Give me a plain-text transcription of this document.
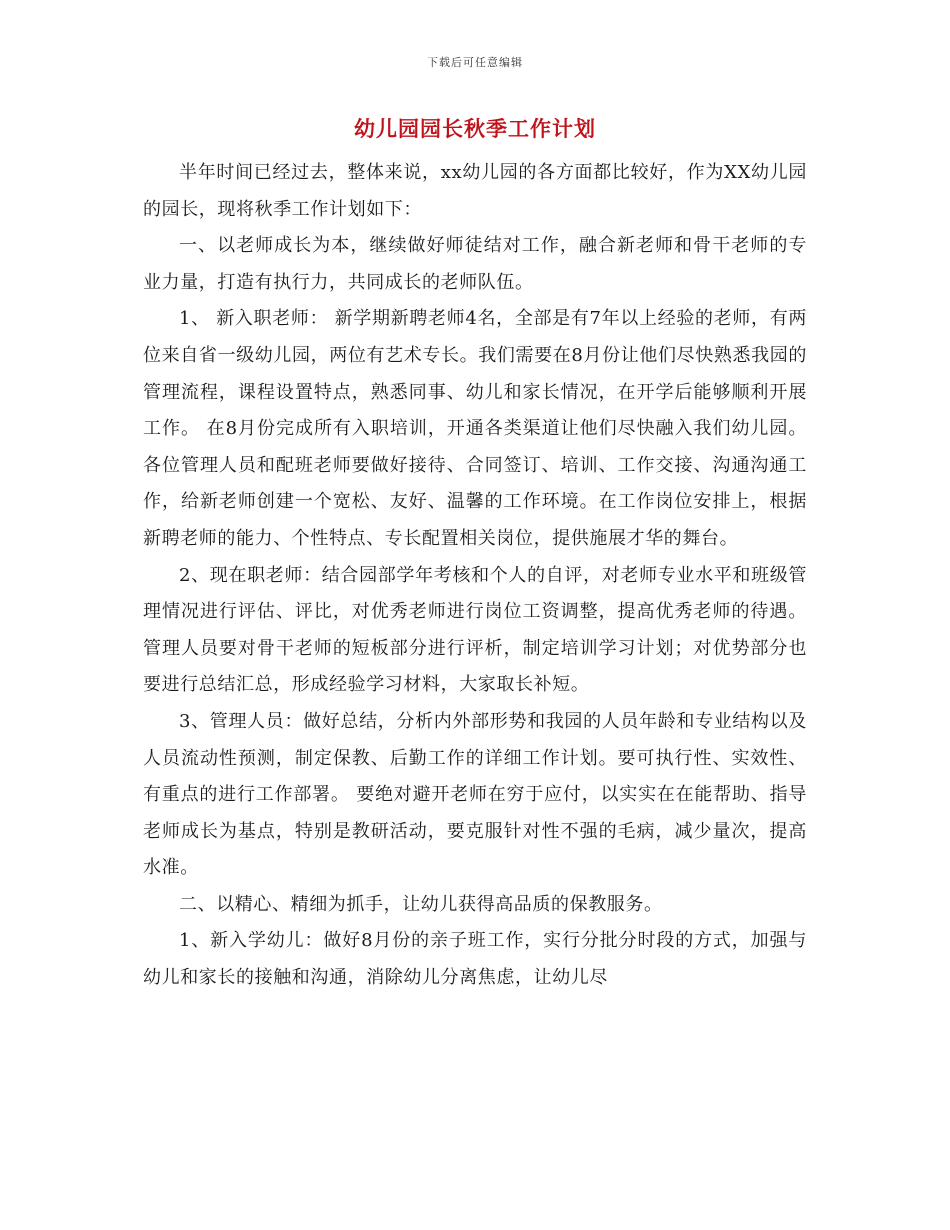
下载后可任意编辑
幼儿园园长秋季工作计划

半年时间已经过去，整体来说，xx幼儿园的各方面都比较好，作为XX幼儿园的园长，现将秋季工作计划如下：

一、以老师成长为本，继续做好师徒结对工作，融合新老师和骨干老师的专业力量，打造有执行力，共同成长的老师队伍。

1、 新入职老师： 新学期新聘老师4名，全部是有7年以上经验的老师，有两位来自省一级幼儿园，两位有艺术专长。我们需要在8月份让他们尽快熟悉我园的管理流程，课程设置特点，熟悉同事、幼儿和家长情况，在开学后能够顺利开展工作。 在8月份完成所有入职培训，开通各类渠道让他们尽快融入我们幼儿园。各位管理人员和配班老师要做好接待、合同签订、培训、工作交接、沟通沟通工作，给新老师创建一个宽松、友好、温馨的工作环境。在工作岗位安排上，根据新聘老师的能力、个性特点、专长配置相关岗位，提供施展才华的舞台。

2、现在职老师：结合园部学年考核和个人的自评，对老师专业水平和班级管理情况进行评估、评比，对优秀老师进行岗位工资调整，提高优秀老师的待遇。管理人员要对骨干老师的短板部分进行评析，制定培训学习计划；对优势部分也要进行总结汇总，形成经验学习材料，大家取长补短。

3、管理人员：做好总结，分析内外部形势和我园的人员年龄和专业结构以及人员流动性预测，制定保教、后勤工作的详细工作计划。要可执行性、实效性、有重点的进行工作部署。 要绝对避开老师在穷于应付，以实实在在能帮助、指导老师成长为基点，特别是教研活动，要克服针对性不强的毛病，减少量次，提高水准。

二、以精心、精细为抓手，让幼儿获得高品质的保教服务。

1、新入学幼儿：做好8月份的亲子班工作，实行分批分时段的方式，加强与幼儿和家长的接触和沟通，消除幼儿分离焦虑，让幼儿尽
